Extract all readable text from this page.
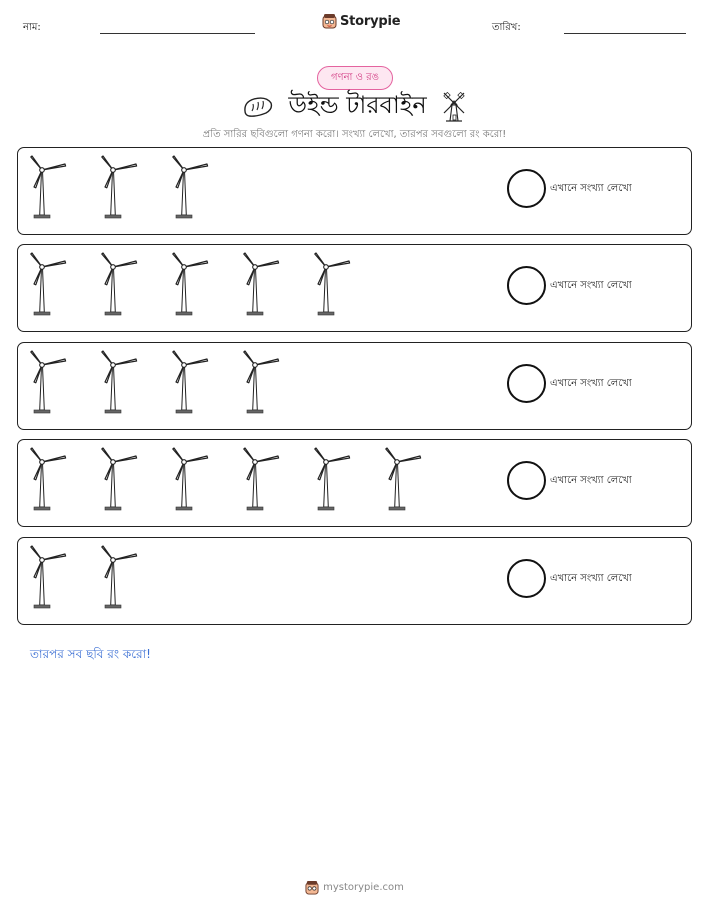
নাম:	Storypie	তারিখ:
গণনা ও রঙ
উইন্ড টারবাইন
প্রতি সারির ছবিগুলো গণনা করো। সংখ্যা লেখো, তারপর সবগুলো রং করো!
এখানে সংখ্যা লেখো
এখানে সংখ্যা লেখো
এখানে সংখ্যা লেখো
এখানে সংখ্যা লেখো
এখানে সংখ্যা লেখো
তারপর সব ছবি রং করো!
mystorypie.com
